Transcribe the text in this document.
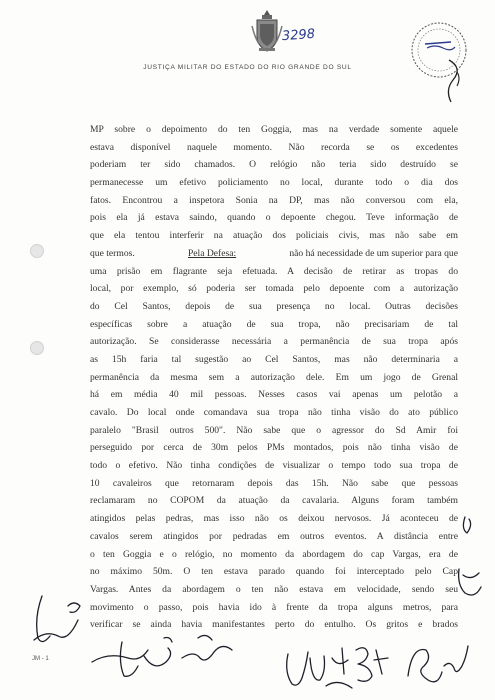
3298
JUSTIÇA MILITAR DO ESTADO DO RIO GRANDE DO SUL
MP sobre o depoimento do ten Goggia, mas na verdade somente aquele
estava disponível naquele momento. Não recorda se os excedentes
poderiam ter sido chamados. O relógio não teria sido destruído se
permanecesse um efetivo policiamento no local, durante todo o dia dos
fatos. Encontrou a inspetora Sonia na DP, mas não conversou com ela,
pois ela já estava saindo, quando o depoente chegou. Teve informação de
que ela tentou interferir na atuação dos policiais civis, mas não sabe em
que termos.	Pela Defesa:	não há necessidade de um superior para que
uma prisão em flagrante seja efetuada. A decisão de retirar as tropas do
local, por exemplo, só poderia ser tomada pelo depoente com a autorização
do Cel Santos, depois de sua presença no local. Outras decisões
específicas sobre a atuação de sua tropa, não precisariam de tal
autorização. Se considerasse necessária a permanência de sua tropa após
as 15h faria tal sugestão ao Cel Santos, mas não determinaria a
permanência da mesma sem a autorização dele. Em um jogo de Grenal
há em média 40 mil pessoas. Nesses casos vai apenas um pelotão a
cavalo. Do local onde comandava sua tropa não tinha visão do ato público
paralelo "Brasil outros 500". Não sabe que o agressor do Sd Amir foi
perseguido por cerca de 30m pelos PMs montados, pois não tinha visão de
todo o efetivo. Não tinha condições de visualizar o tempo todo sua tropa de
10 cavaleiros que retornaram depois das 15h. Não sabe que pessoas
reclamaram no COPOM da atuação da cavalaria. Alguns foram também
atingidos pelas pedras, mas isso não os deixou nervosos. Já aconteceu de
cavalos serem atingidos por pedradas em outros eventos. A distância entre
o ten Goggia e o relógio, no momento da abordagem do cap Vargas, era de
no máximo 50m. O ten estava parado quando foi interceptado pelo Cap
Vargas. Antes da abordagem o ten não estava em velocidade, sendo seu
movimento o passo, pois havia ido à frente da tropa alguns metros, para
verificar se ainda havia manifestantes perto do entulho. Os gritos e brados
JM - 1
